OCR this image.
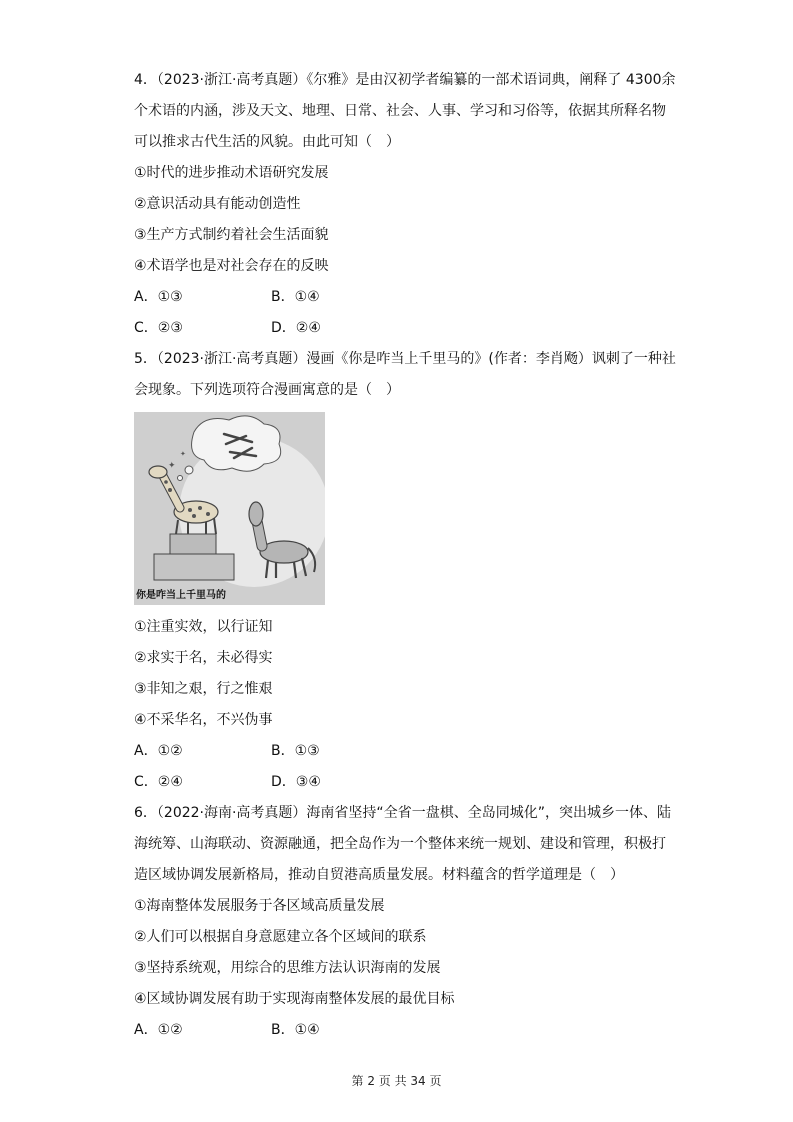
4．（2023·浙江·高考真题）《尔雅》是由汉初学者编纂的一部术语词典，阐释了 4300余
个术语的内涵，涉及天文、地理、日常、社会、人事、学习和习俗等，依据其所释名物
可以推求古代生活的风貌。由此可知（　）
①时代的进步推动术语研究发展
②意识活动具有能动创造性
③生产方式制约着社会生活面貌
④术语学也是对社会存在的反映
A．①③	B．①④
C．②③	D．②④
5．（2023·浙江·高考真题）漫画《你是咋当上千里马的》(作者：李肖飏）讽刺了一种社
会现象。下列选项符合漫画寓意的是（　）
✦
✦
你是咋当上千里马的
①注重实效，以行证知
②求实于名，未必得实
③非知之艰，行之惟艰
④不采华名，不兴伪事
A．①②	B．①③
C．②④	D．③④
6．（2022·海南·高考真题）海南省坚持“全省一盘棋、全岛同城化”，突出城乡一体、陆
海统筹、山海联动、资源融通，把全岛作为一个整体来统一规划、建设和管理，积极打
造区域协调发展新格局，推动自贸港高质量发展。材料蕴含的哲学道理是（　）
①海南整体发展服务于各区域高质量发展
②人们可以根据自身意愿建立各个区域间的联系
③坚持系统观，用综合的思维方法认识海南的发展
④区域协调发展有助于实现海南整体发展的最优目标
A．①②	B．①④
第 2 页 共 34 页
